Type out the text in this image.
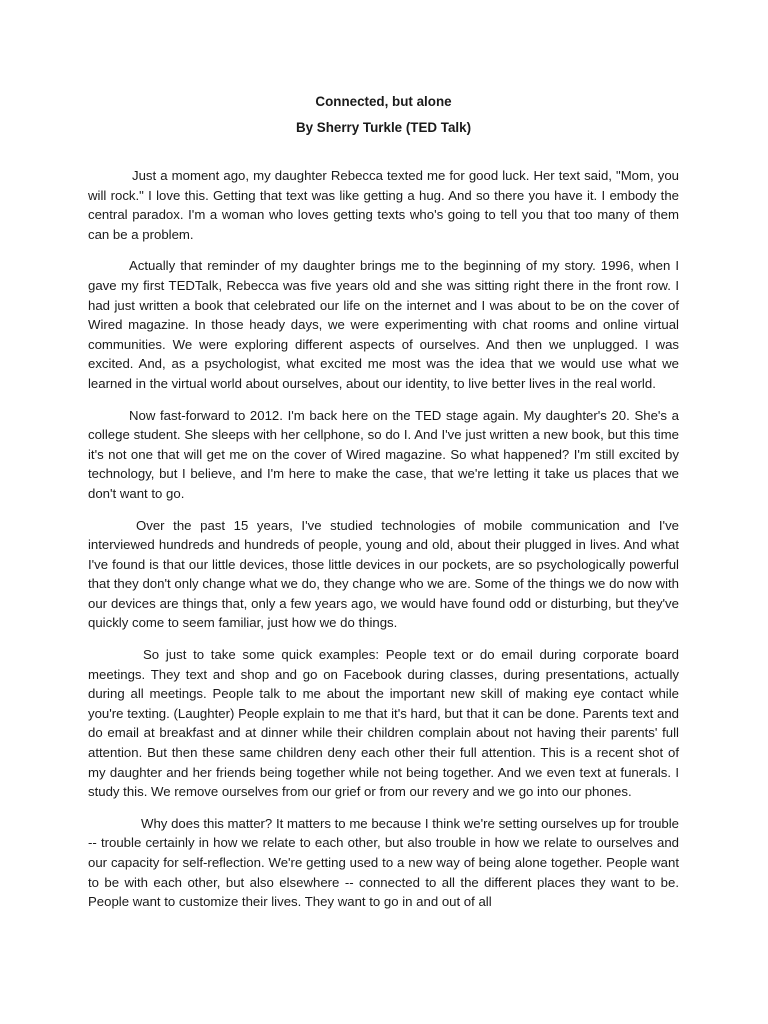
Connected, but alone

By Sherry Turkle (TED Talk)

Just a moment ago, my daughter Rebecca texted me for good luck. Her text said, "Mom, you will rock." I love this. Getting that text was like getting a hug. And so there you have it. I embody the central paradox. I'm a woman who loves getting texts who's going to tell you that too many of them can be a problem.

Actually that reminder of my daughter brings me to the beginning of my story. 1996, when I gave my first TEDTalk, Rebecca was five years old and she was sitting right there in the front row. I had just written a book that celebrated our life on the internet and I was about to be on the cover of Wired magazine. In those heady days, we were experimenting with chat rooms and online virtual communities. We were exploring different aspects of ourselves. And then we unplugged. I was excited. And, as a psychologist, what excited me most was the idea that we would use what we learned in the virtual world about ourselves, about our identity, to live better lives in the real world.

Now fast-forward to 2012. I'm back here on the TED stage again. My daughter's 20. She's a college student. She sleeps with her cellphone, so do I. And I've just written a new book, but this time it's not one that will get me on the cover of Wired magazine. So what happened? I'm still excited by technology, but I believe, and I'm here to make the case, that we're letting it take us places that we don't want to go.

Over the past 15 years, I've studied technologies of mobile communication and I've interviewed hundreds and hundreds of people, young and old, about their plugged in lives. And what I've found is that our little devices, those little devices in our pockets, are so psychologically powerful that they don't only change what we do, they change who we are. Some of the things we do now with our devices are things that, only a few years ago, we would have found odd or disturbing, but they've quickly come to seem familiar, just how we do things.

So just to take some quick examples: People text or do email during corporate board meetings. They text and shop and go on Facebook during classes, during presentations, actually during all meetings. People talk to me about the important new skill of making eye contact while you're texting. (Laughter) People explain to me that it's hard, but that it can be done. Parents text and do email at breakfast and at dinner while their children complain about not having their parents' full attention. But then these same children deny each other their full attention. This is a recent shot of my daughter and her friends being together while not being together. And we even text at funerals. I study this. We remove ourselves from our grief or from our revery and we go into our phones.

Why does this matter? It matters to me because I think we're setting ourselves up for trouble -- trouble certainly in how we relate to each other, but also trouble in how we relate to ourselves and our capacity for self-reflection. We're getting used to a new way of being alone together. People want to be with each other, but also elsewhere -- connected to all the different places they want to be. People want to customize their lives. They want to go in and out of all
